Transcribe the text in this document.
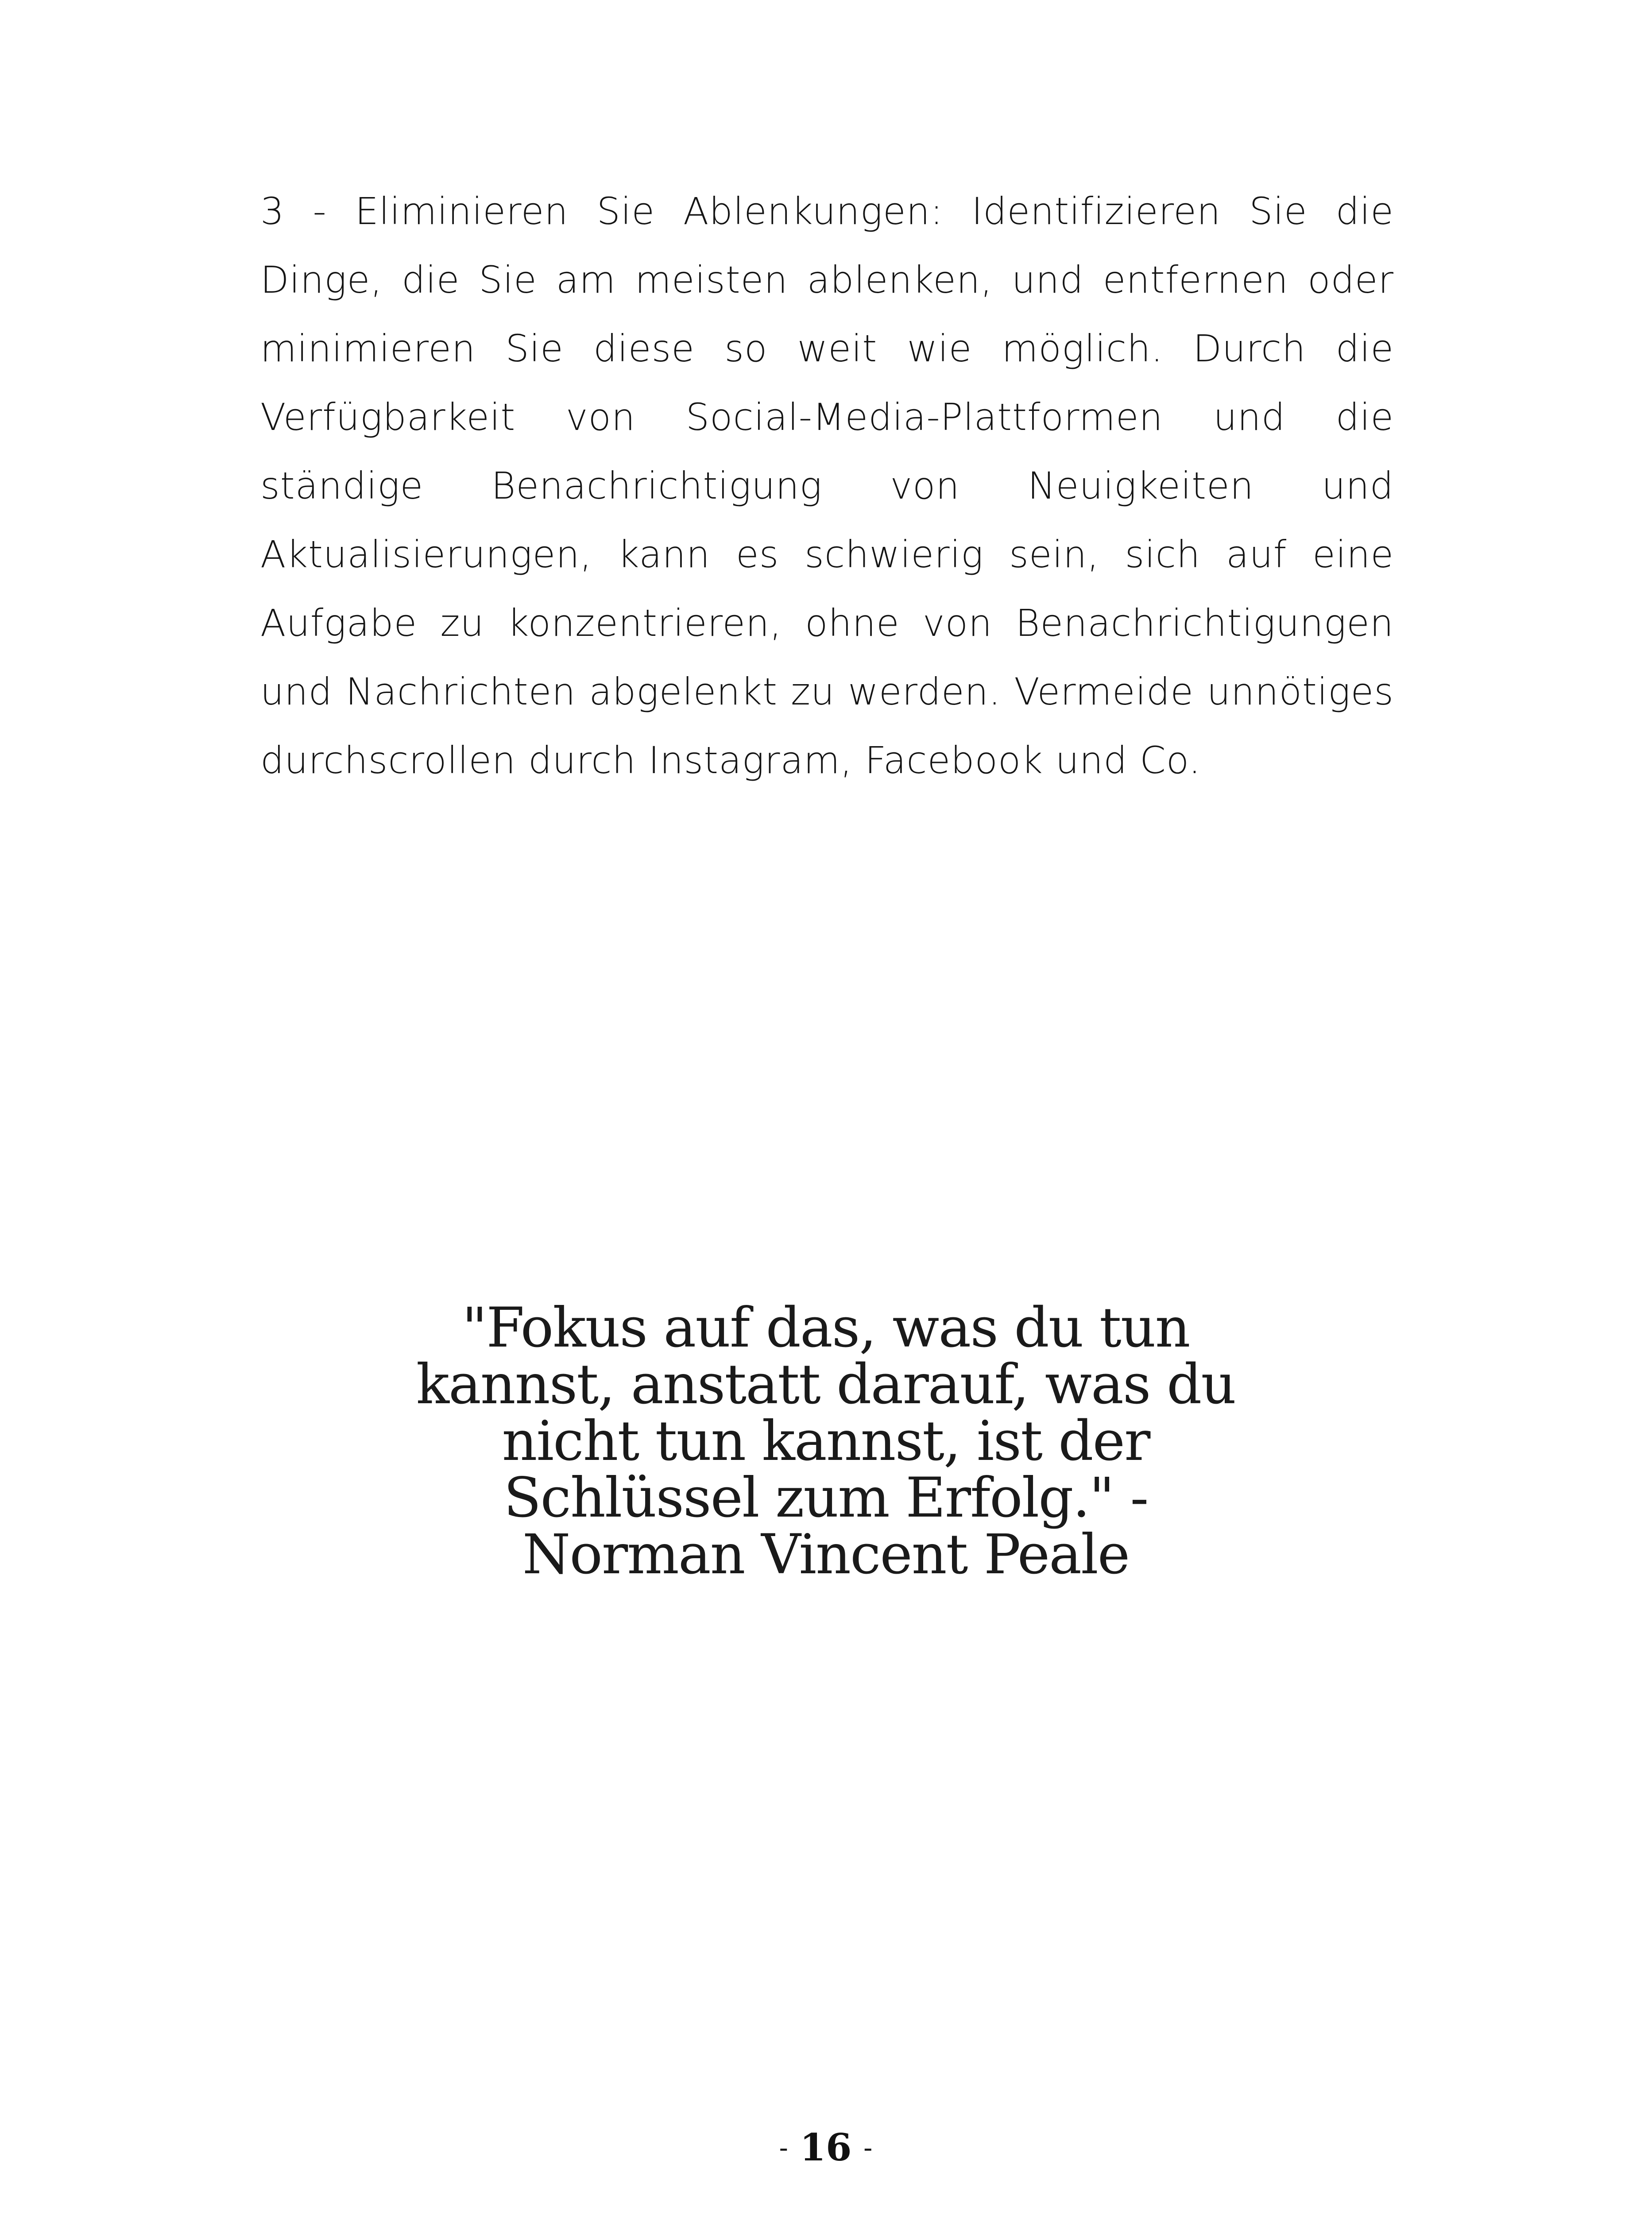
3 - Eliminieren Sie Ablenkungen: Identifizieren Sie die Dinge, die Sie am meisten ablenken, und entfernen oder minimieren Sie diese so weit wie möglich. Durch die Verfügbarkeit von Social-Media-Plattformen und die ständige Benachrichtigung von Neuigkeiten und Aktualisierungen, kann es schwierig sein, sich auf eine Aufgabe zu konzentrieren, ohne von Benachrichtigungen und Nachrichten abgelenkt zu werden. Vermeide unnötiges durchscrollen durch Instagram, Facebook und Co.

"Fokus auf das, was du tun kannst, anstatt darauf, was du nicht tun kannst, ist der Schlüssel zum Erfolg." - Norman Vincent Peale

- 16 -
